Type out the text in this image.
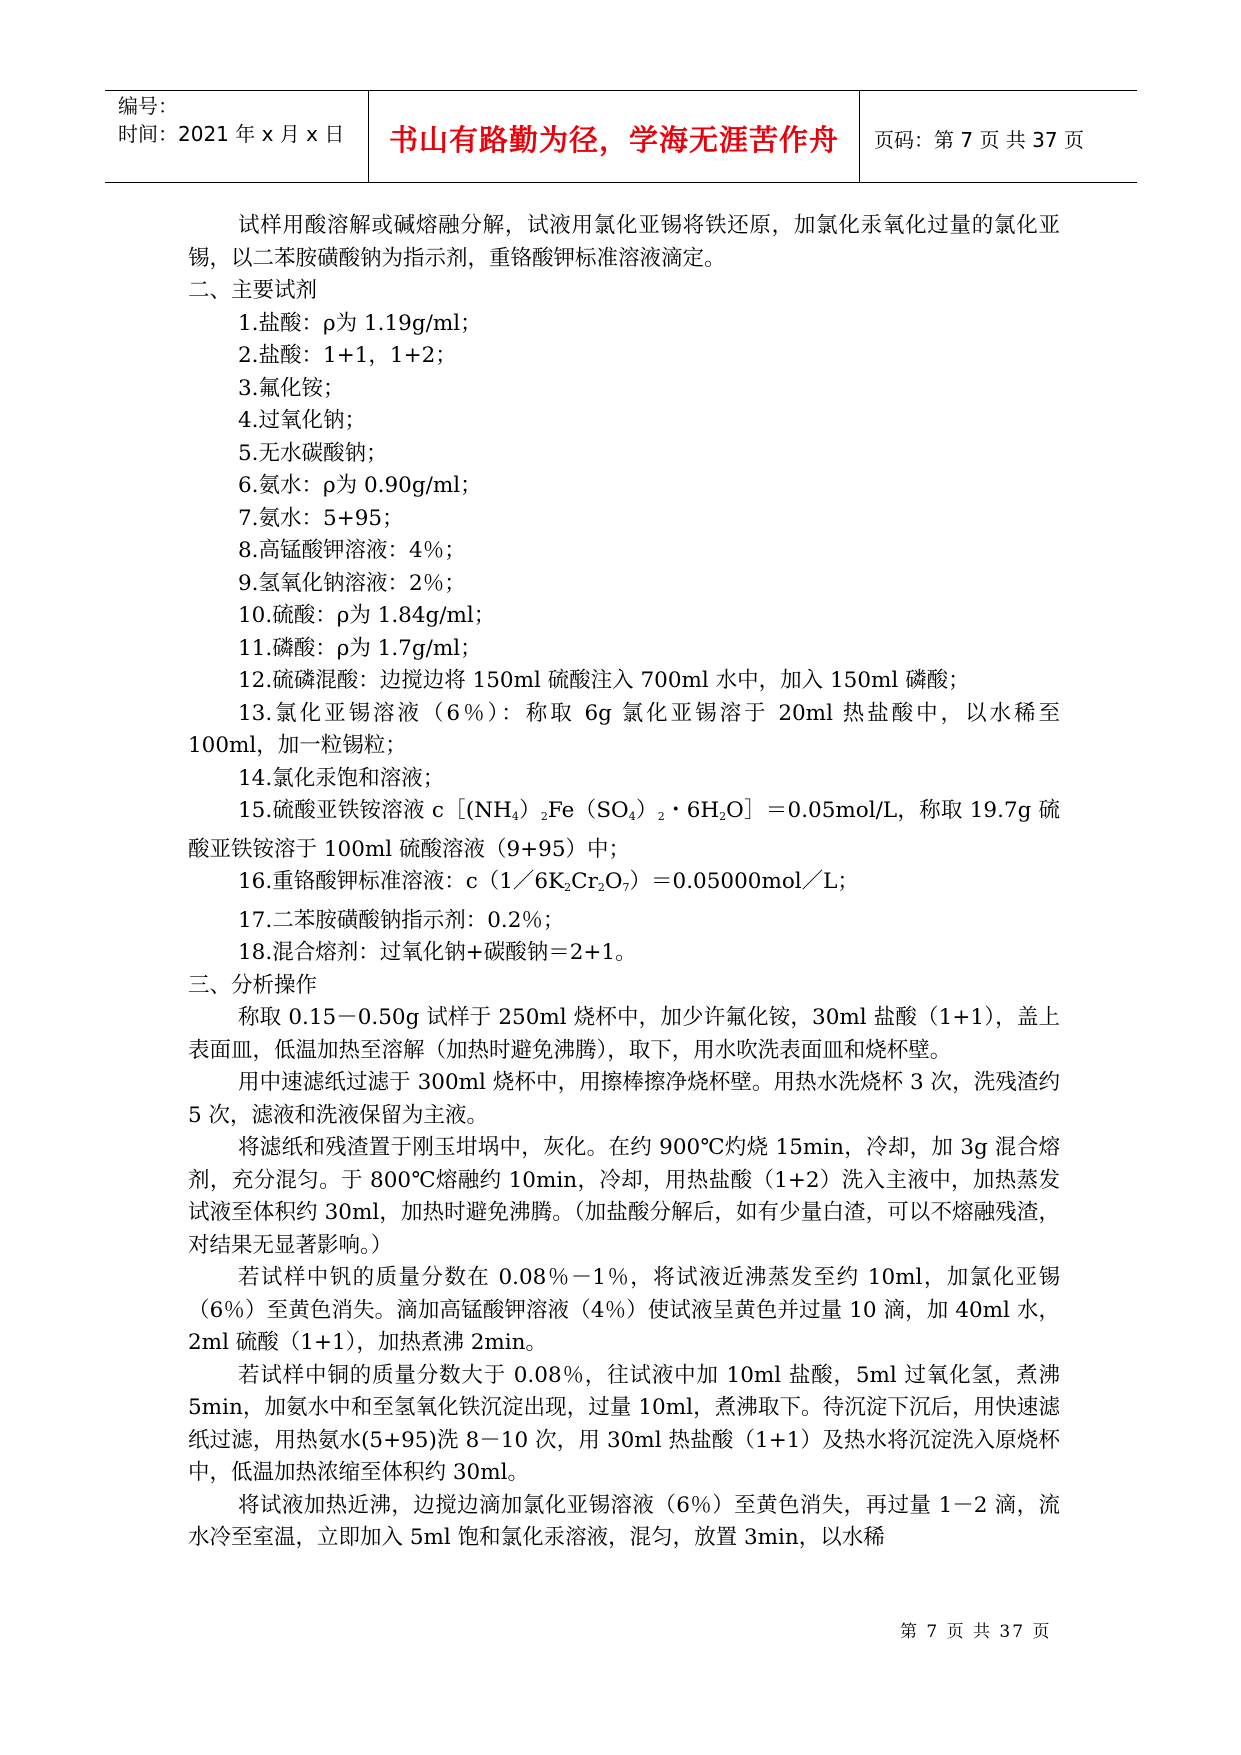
编号：
时间：2021 年 x 月 x 日	书山有路勤为径，学海无涯苦作舟	页码：第 7 页 共 37 页

试样用酸溶解或碱熔融分解，试液用氯化亚锡将铁还原，加氯化汞氧化过量的氯化亚锡，以二苯胺磺酸钠为指示剂，重铬酸钾标准溶液滴定。

二、主要试剂

1.盐酸：ρ为 1.19g/ml；

2.盐酸：1+1，1+2；

3.氟化铵；

4.过氧化钠；

5.无水碳酸钠；

6.氨水：ρ为 0.90g/ml；

7.氨水：5+95；

8.高锰酸钾溶液：4％；

9.氢氧化钠溶液：2％；

10.硫酸：ρ为 1.84g/ml；

11.磷酸：ρ为 1.7g/ml；

12.硫磷混酸：边搅边将 150ml 硫酸注入 700ml 水中，加入 150ml 磷酸；

13.氯化亚锡溶液（6％）：称取 6g 氯化亚锡溶于 20ml 热盐酸中，以水稀至 100ml，加一粒锡粒；

14.氯化汞饱和溶液；

15.硫酸亚铁铵溶液 $c[(NH_4)_2Fe(SO_4)_2$・$6H_2O]=0.05mol/L$，称取 19.7g 硫酸亚铁铵溶于 100ml 硫酸溶液（9+95）中；

16.重铬酸钾标准溶液：$c(1/6K_2Cr_2O_7)=0.05000mol/L$；

17.二苯胺磺酸钠指示剂：0.2％；

18.混合熔剂：过氧化钠+碳酸钠＝2+1。

三、分析操作

称取 0.15－0.50g 试样于 250ml 烧杯中，加少许氟化铵，30ml 盐酸（1+1），盖上表面皿，低温加热至溶解（加热时避免沸腾），取下，用水吹洗表面皿和烧杯壁。

用中速滤纸过滤于 300ml 烧杯中，用擦棒擦净烧杯壁。用热水洗烧杯 3 次，洗残渣约 5 次，滤液和洗液保留为主液。

将滤纸和残渣置于刚玉坩埚中，灰化。在约 900℃灼烧 15min，冷却，加 3g 混合熔剂，充分混匀。于 800℃熔融约 10min，冷却，用热盐酸（1+2）洗入主液中，加热蒸发试液至体积约 30ml，加热时避免沸腾。（加盐酸分解后，如有少量白渣，可以不熔融残渣，对结果无显著影响。）

若试样中钒的质量分数在 0.08％－1％，将试液近沸蒸发至约 10ml，加氯化亚锡（6％）至黄色消失。滴加高锰酸钾溶液（4％）使试液呈黄色并过量 10 滴，加 40ml 水，2ml 硫酸（1+1），加热煮沸 2min。

若试样中铜的质量分数大于 0.08％，往试液中加 10ml 盐酸，5ml 过氧化氢，煮沸 5min，加氨水中和至氢氧化铁沉淀出现，过量 10ml，煮沸取下。待沉淀下沉后，用快速滤纸过滤，用热氨水(5+95)洗 8－10 次，用 30ml 热盐酸（1+1）及热水将沉淀洗入原烧杯中，低温加热浓缩至体积约 30ml。

将试液加热近沸，边搅边滴加氯化亚锡溶液（6％）至黄色消失，再过量 1－2 滴，流水冷至室温，立即加入 5ml 饱和氯化汞溶液，混匀，放置 3min，以水稀

第 7 页 共 37 页
